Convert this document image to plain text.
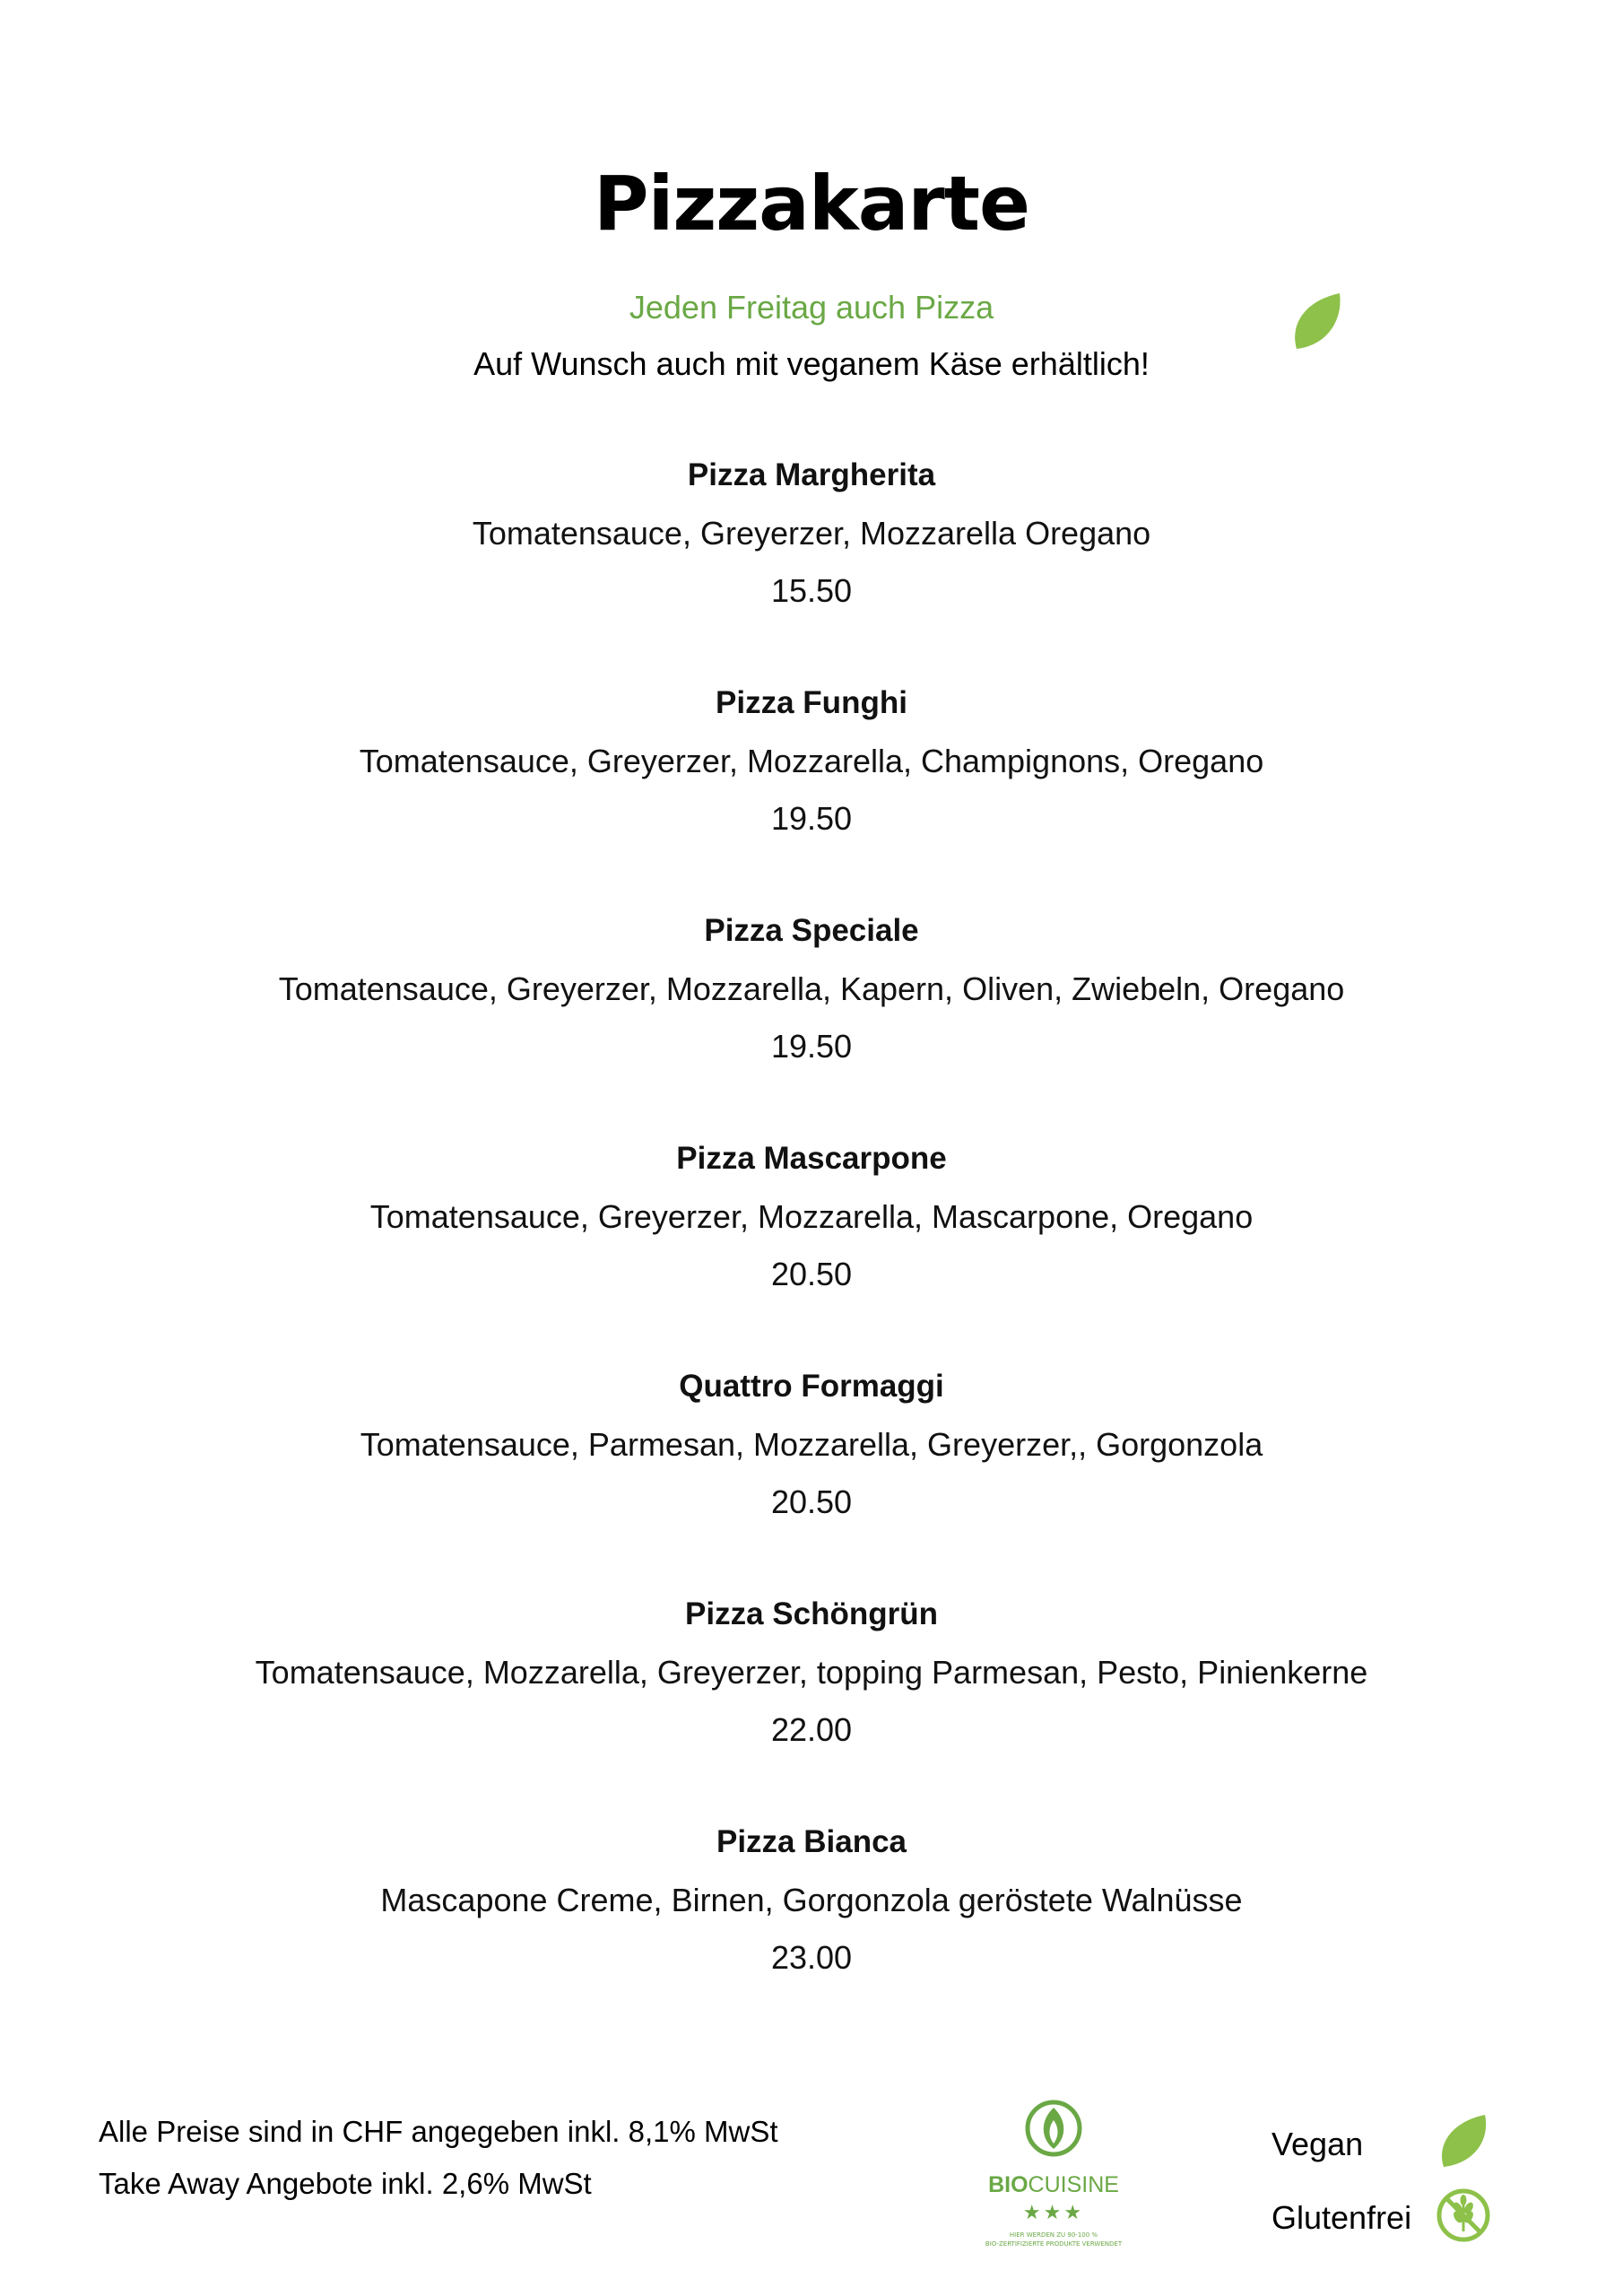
Pizzakarte
Jeden Freitag auch Pizza
Auf Wunsch auch mit veganem Käse erhältlich!
Pizza Margherita
Tomatensauce, Greyerzer, Mozzarella Oregano
15.50
Pizza Funghi
Tomatensauce, Greyerzer, Mozzarella, Champignons, Oregano
19.50
Pizza Speciale
Tomatensauce, Greyerzer, Mozzarella, Kapern, Oliven, Zwiebeln, Oregano
19.50
Pizza Mascarpone
Tomatensauce, Greyerzer, Mozzarella, Mascarpone, Oregano
20.50
Quattro Formaggi
Tomatensauce, Parmesan, Mozzarella, Greyerzer,, Gorgonzola
20.50
Pizza Schöngrün
Tomatensauce, Mozzarella, Greyerzer, topping Parmesan, Pesto, Pinienkerne
22.00
Pizza Bianca
Mascapone Creme, Birnen, Gorgonzola geröstete Walnüsse
23.00
Alle Preise sind in CHF angegeben inkl. 8,1% MwSt
Take Away Angebote inkl. 2,6% MwSt	BIOCUISINE
★★★
HIER WERDEN ZU 90-100 %
BIO-ZERTIFIZIERTE PRODUKTE VERWENDET
Vegan
Glutenfrei
